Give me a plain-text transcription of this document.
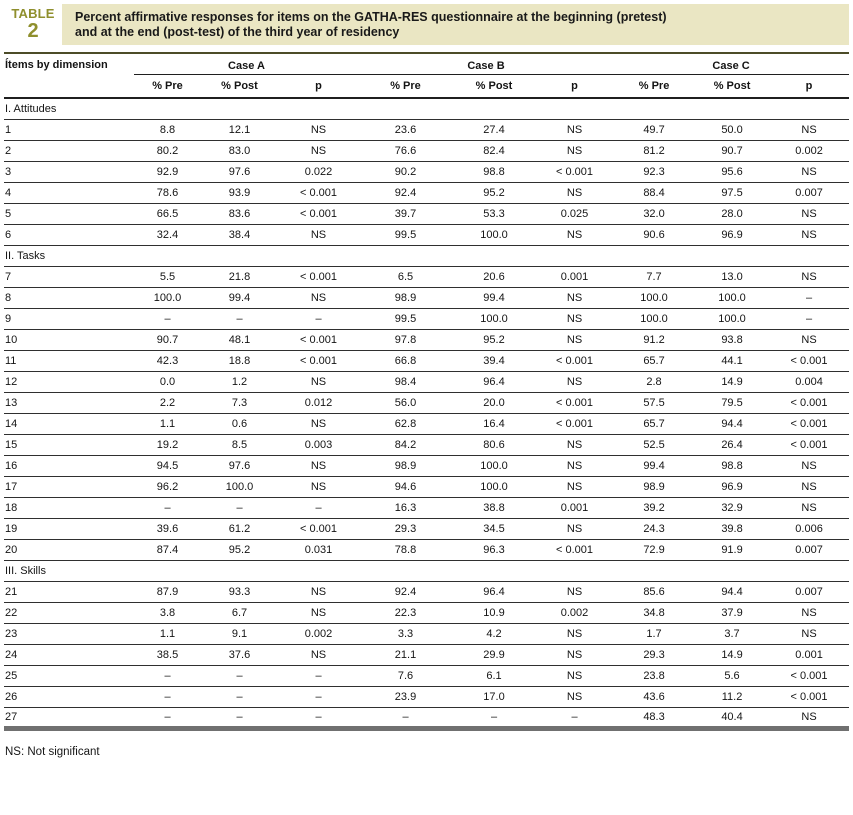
TABLE
2
Percent affirmative responses for items on the GATHA-RES questionnaire at the beginning (pretest)
and at the end (post-test) of the third year of residency
Ítems by dimension	Case A			Case B			Case C		
	% Pre	% Post	p	% Pre	% Post	p	% Pre	% Post	p
I. Attitudes									
1	8.8	12.1	NS	23.6	27.4	NS	49.7	50.0	NS
2	80.2	83.0	NS	76.6	82.4	NS	81.2	90.7	0.002
3	92.9	97.6	0.022	90.2	98.8	< 0.001	92.3	95.6	NS
4	78.6	93.9	< 0.001	92.4	95.2	NS	88.4	97.5	0.007
5	66.5	83.6	< 0.001	39.7	53.3	0.025	32.0	28.0	NS
6	32.4	38.4	NS	99.5	100.0	NS	90.6	96.9	NS
II. Tasks									
7	5.5	21.8	< 0.001	6.5	20.6	0.001	7.7	13.0	NS
8	100.0	99.4	NS	98.9	99.4	NS	100.0	100.0	–
9	–	–	–	99.5	100.0	NS	100.0	100.0	–
10	90.7	48.1	< 0.001	97.8	95.2	NS	91.2	93.8	NS
11	42.3	18.8	< 0.001	66.8	39.4	< 0.001	65.7	44.1	< 0.001
12	0.0	1.2	NS	98.4	96.4	NS	2.8	14.9	0.004
13	2.2	7.3	0.012	56.0	20.0	< 0.001	57.5	79.5	< 0.001
14	1.1	0.6	NS	62.8	16.4	< 0.001	65.7	94.4	< 0.001
15	19.2	8.5	0.003	84.2	80.6	NS	52.5	26.4	< 0.001
16	94.5	97.6	NS	98.9	100.0	NS	99.4	98.8	NS
17	96.2	100.0	NS	94.6	100.0	NS	98.9	96.9	NS
18	–	–	–	16.3	38.8	0.001	39.2	32.9	NS
19	39.6	61.2	< 0.001	29.3	34.5	NS	24.3	39.8	0.006
20	87.4	95.2	0.031	78.8	96.3	< 0.001	72.9	91.9	0.007
III. Skills									
21	87.9	93.3	NS	92.4	96.4	NS	85.6	94.4	0.007
22	3.8	6.7	NS	22.3	10.9	0.002	34.8	37.9	NS
23	1.1	9.1	0.002	3.3	4.2	NS	1.7	3.7	NS
24	38.5	37.6	NS	21.1	29.9	NS	29.3	14.9	0.001
25	–	–	–	7.6	6.1	NS	23.8	5.6	< 0.001
26	–	–	–	23.9	17.0	NS	43.6	11.2	< 0.001
27	–	–	–	–	–	–	48.3	40.4	NS
NS: Not significant
